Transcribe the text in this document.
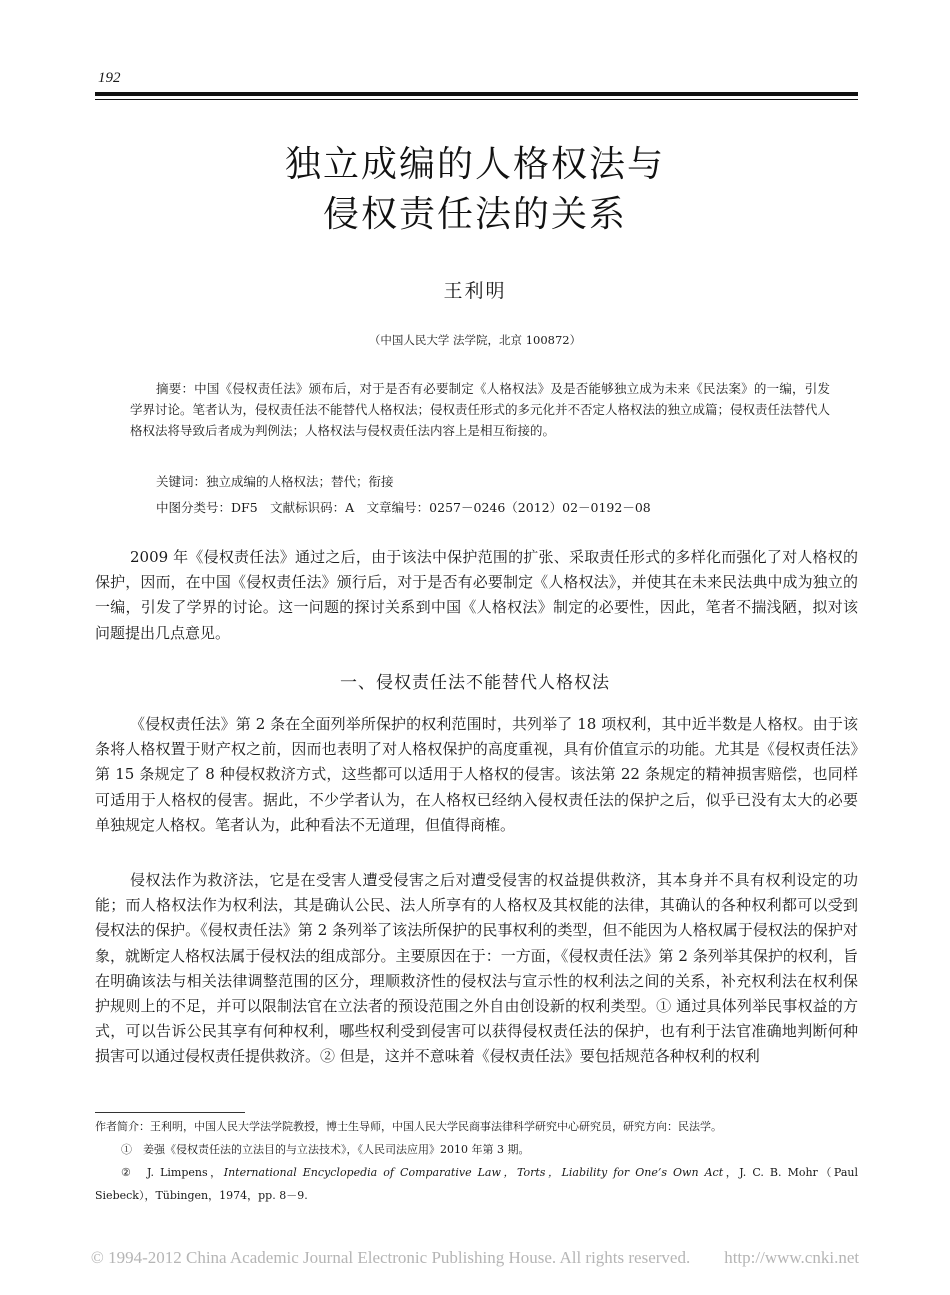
192
独立成编的人格权法与
侵权责任法的关系
王利明
（中国人民大学 法学院，北京 100872）
摘要：中国《侵权责任法》颁布后，对于是否有必要制定《人格权法》及是否能够独立成为未来《民法案》的一编，引发学界讨论。笔者认为，侵权责任法不能替代人格权法；侵权责任形式的多元化并不否定人格权法的独立成篇；侵权责任法替代人格权法将导致后者成为判例法；人格权法与侵权责任法内容上是相互衔接的。
关键词：独立成编的人格权法；替代；衔接
中图分类号：DF5　文献标识码：A　文章编号：0257－0246（2012）02－0192－08
2009 年《侵权责任法》通过之后，由于该法中保护范围的扩张、采取责任形式的多样化而强化了对人格权的保护，因而，在中国《侵权责任法》颁行后，对于是否有必要制定《人格权法》，并使其在未来民法典中成为独立的一编，引发了学界的讨论。这一问题的探讨关系到中国《人格权法》制定的必要性，因此，笔者不揣浅陋，拟对该问题提出几点意见。
一、侵权责任法不能替代人格权法
《侵权责任法》第 2 条在全面列举所保护的权利范围时，共列举了 18 项权利，其中近半数是人格权。由于该条将人格权置于财产权之前，因而也表明了对人格权保护的高度重视，具有价值宣示的功能。尤其是《侵权责任法》第 15 条规定了 8 种侵权救济方式，这些都可以适用于人格权的侵害。该法第 22 条规定的精神损害赔偿，也同样可适用于人格权的侵害。据此，不少学者认为，在人格权已经纳入侵权责任法的保护之后，似乎已没有太大的必要单独规定人格权。笔者认为，此种看法不无道理，但值得商榷。
侵权法作为救济法，它是在受害人遭受侵害之后对遭受侵害的权益提供救济，其本身并不具有权利设定的功能；而人格权法作为权利法，其是确认公民、法人所享有的人格权及其权能的法律，其确认的各种权利都可以受到侵权法的保护。《侵权责任法》第 2 条列举了该法所保护的民事权利的类型，但不能因为人格权属于侵权法的保护对象，就断定人格权法属于侵权法的组成部分。主要原因在于：一方面，《侵权责任法》第 2 条列举其保护的权利，旨在明确该法与相关法律调整范围的区分，理顺救济性的侵权法与宣示性的权利法之间的关系，补充权利法在权利保护规则上的不足，并可以限制法官在立法者的预设范围之外自由创设新的权利类型。① 通过具体列举民事权益的方式，可以告诉公民其享有何种权利，哪些权利受到侵害可以获得侵权责任法的保护，也有利于法官准确地判断何种损害可以通过侵权责任提供救济。② 但是，这并不意味着《侵权责任法》要包括规范各种权利的权利
作者简介：王利明，中国人民大学法学院教授，博士生导师，中国人民大学民商事法律科学研究中心研究员，研究方向：民法学。
①　姜强《侵权责任法的立法目的与立法技术》，《人民司法应用》2010 年第 3 期。
②　J. Limpens，International Encyclopedia of Comparative Law，Torts，Liability for One’s Own Act，J. C. B. Mohr（Paul Siebeck），Tübingen，1974，pp. 8－9.
© 1994-2012 China Academic Journal Electronic Publishing House. All rights reserved.　　http://www.cnki.net
